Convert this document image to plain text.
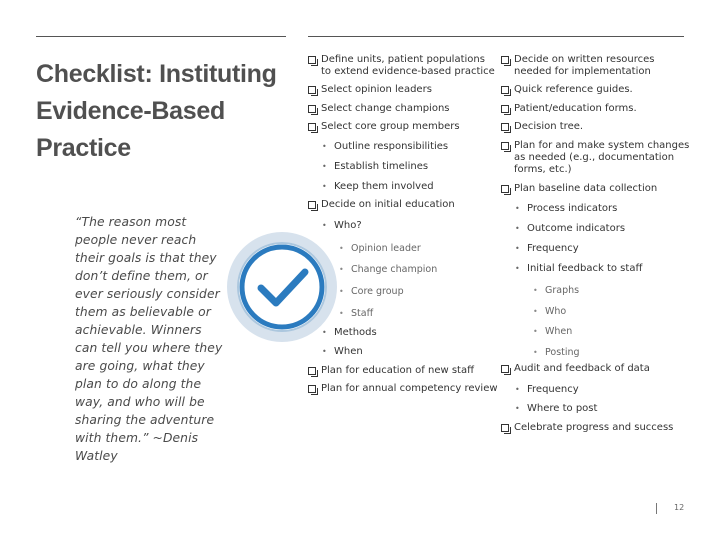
Checklist: Instituting Evidence-Based Practice
“The reason most people never reach their goals is that they don’t define them, or ever seriously consider them as believable or achievable. Winners can tell you where they are going, what they plan to do along the way, and who will be sharing the adventure with them.” ~Denis Watley
Define units, patient populations
to extend evidence-based practice
Select opinion leaders
Select change champions
Select core group members
• Outline responsibilities
• Establish timelines
• Keep them involved
Decide on initial education
• Who?
• Opinion leader
• Change champion
• Core group
• Staff
• Methods
• When
Plan for education of new staff
Plan for annual competency review
Decide on written resources
needed for implementation
Quick reference guides.
Patient/education forms.
Decision tree.
Plan for and make system changes
as needed (e.g., documentation
forms, etc.)
Plan baseline data collection
• Process indicators
• Outcome indicators
• Frequency
• Initial feedback to staff
• Graphs
• Who
• When
• Posting
Audit and feedback of data
• Frequency
• Where to post
Celebrate progress and success
12
